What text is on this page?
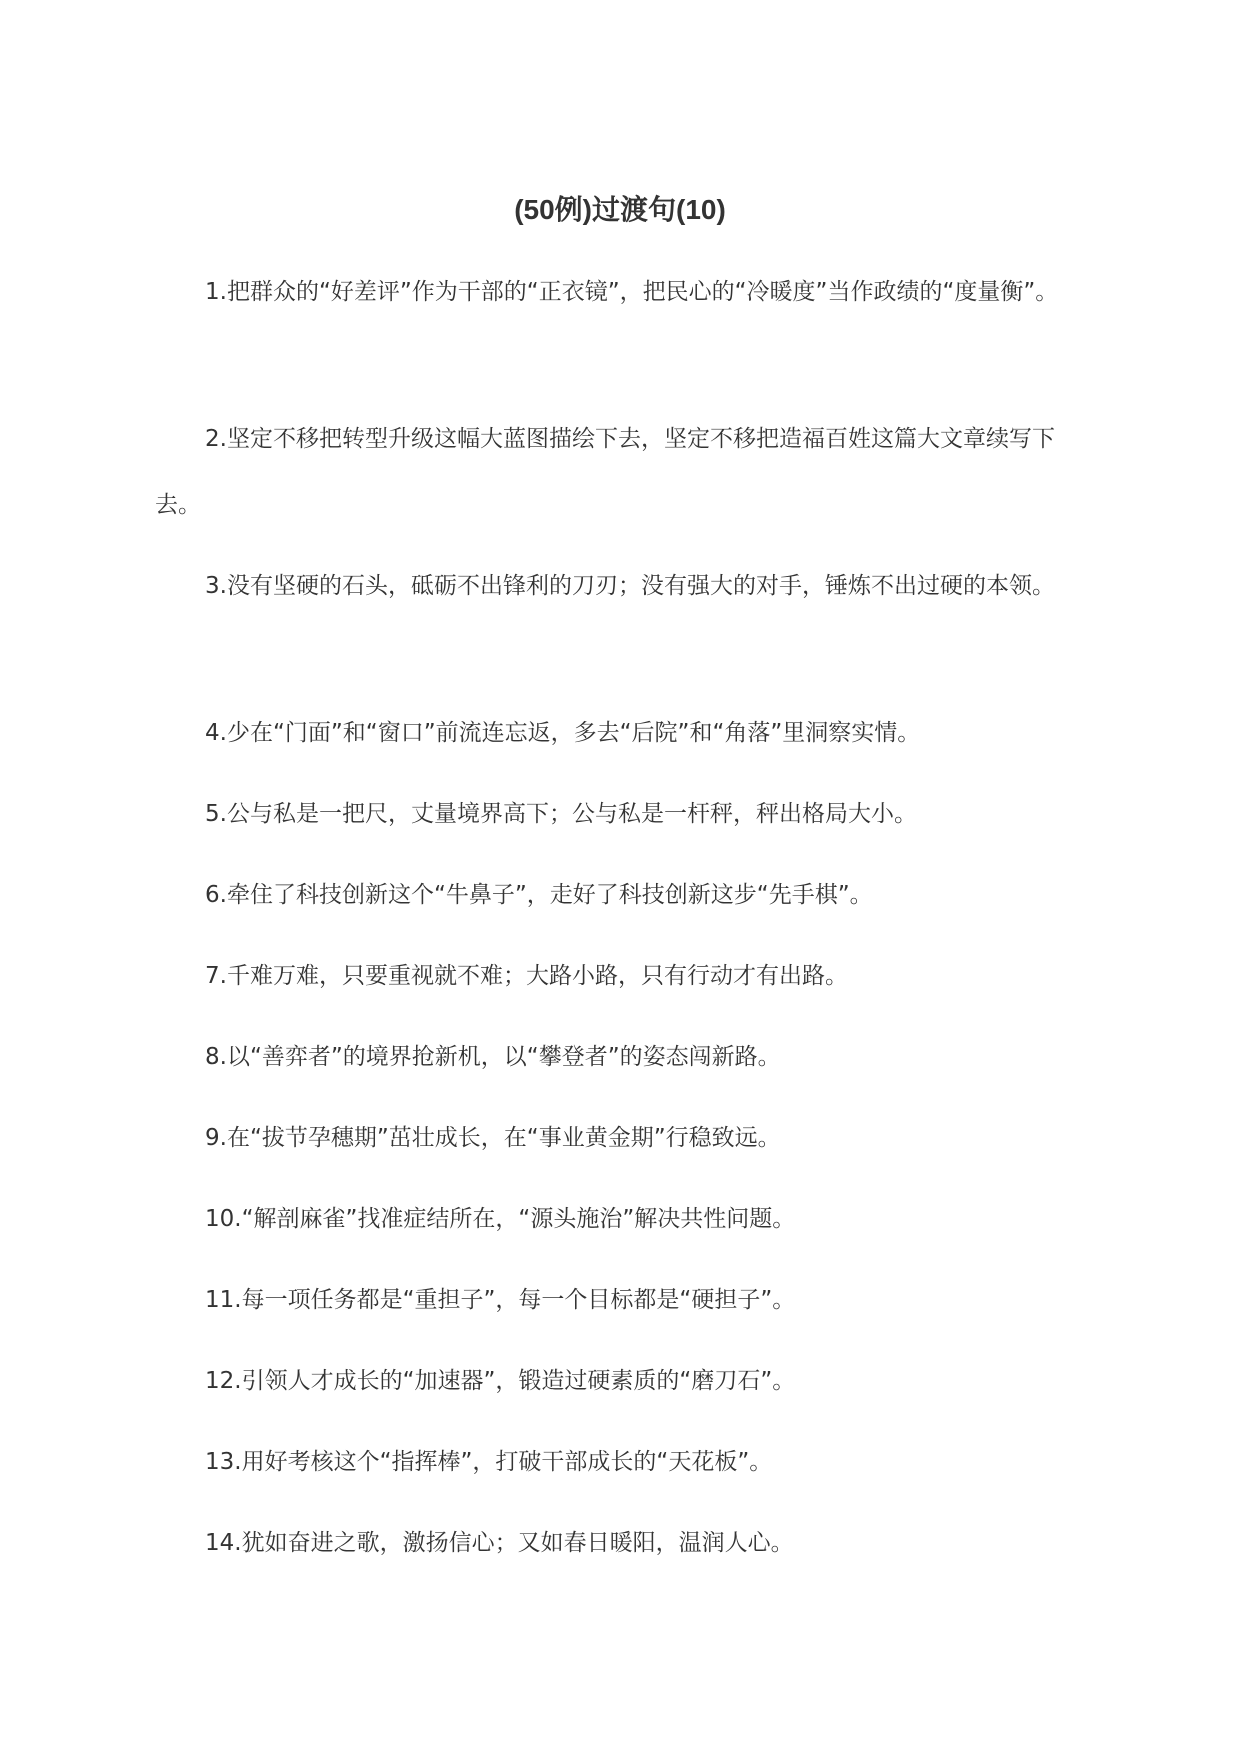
(50例)过渡句(10)
1.把群众的“好差评”作为干部的“正衣镜”，把民心的“冷暖度”当作政绩的“度量衡”。
2.坚定不移把转型升级这幅大蓝图描绘下去，坚定不移把造福百姓这篇大文章续写下去。
3.没有坚硬的石头，砥砺不出锋利的刀刃；没有强大的对手，锤炼不出过硬的本领。
4.少在“门面”和“窗口”前流连忘返，多去“后院”和“角落”里洞察实情。
5.公与私是一把尺，丈量境界高下；公与私是一杆秤，秤出格局大小。
6.牵住了科技创新这个“牛鼻子”，走好了科技创新这步“先手棋”。
7.千难万难，只要重视就不难；大路小路，只有行动才有出路。
8.以“善弈者”的境界抢新机，以“攀登者”的姿态闯新路。
9.在“拔节孕穗期”茁壮成长，在“事业黄金期”行稳致远。
10.“解剖麻雀”找准症结所在，“源头施治”解决共性问题。
11.每一项任务都是“重担子”，每一个目标都是“硬担子”。
12.引领人才成长的“加速器”，锻造过硬素质的“磨刀石”。
13.用好考核这个“指挥棒”，打破干部成长的“天花板”。
14.犹如奋进之歌，激扬信心；又如春日暖阳，温润人心。
